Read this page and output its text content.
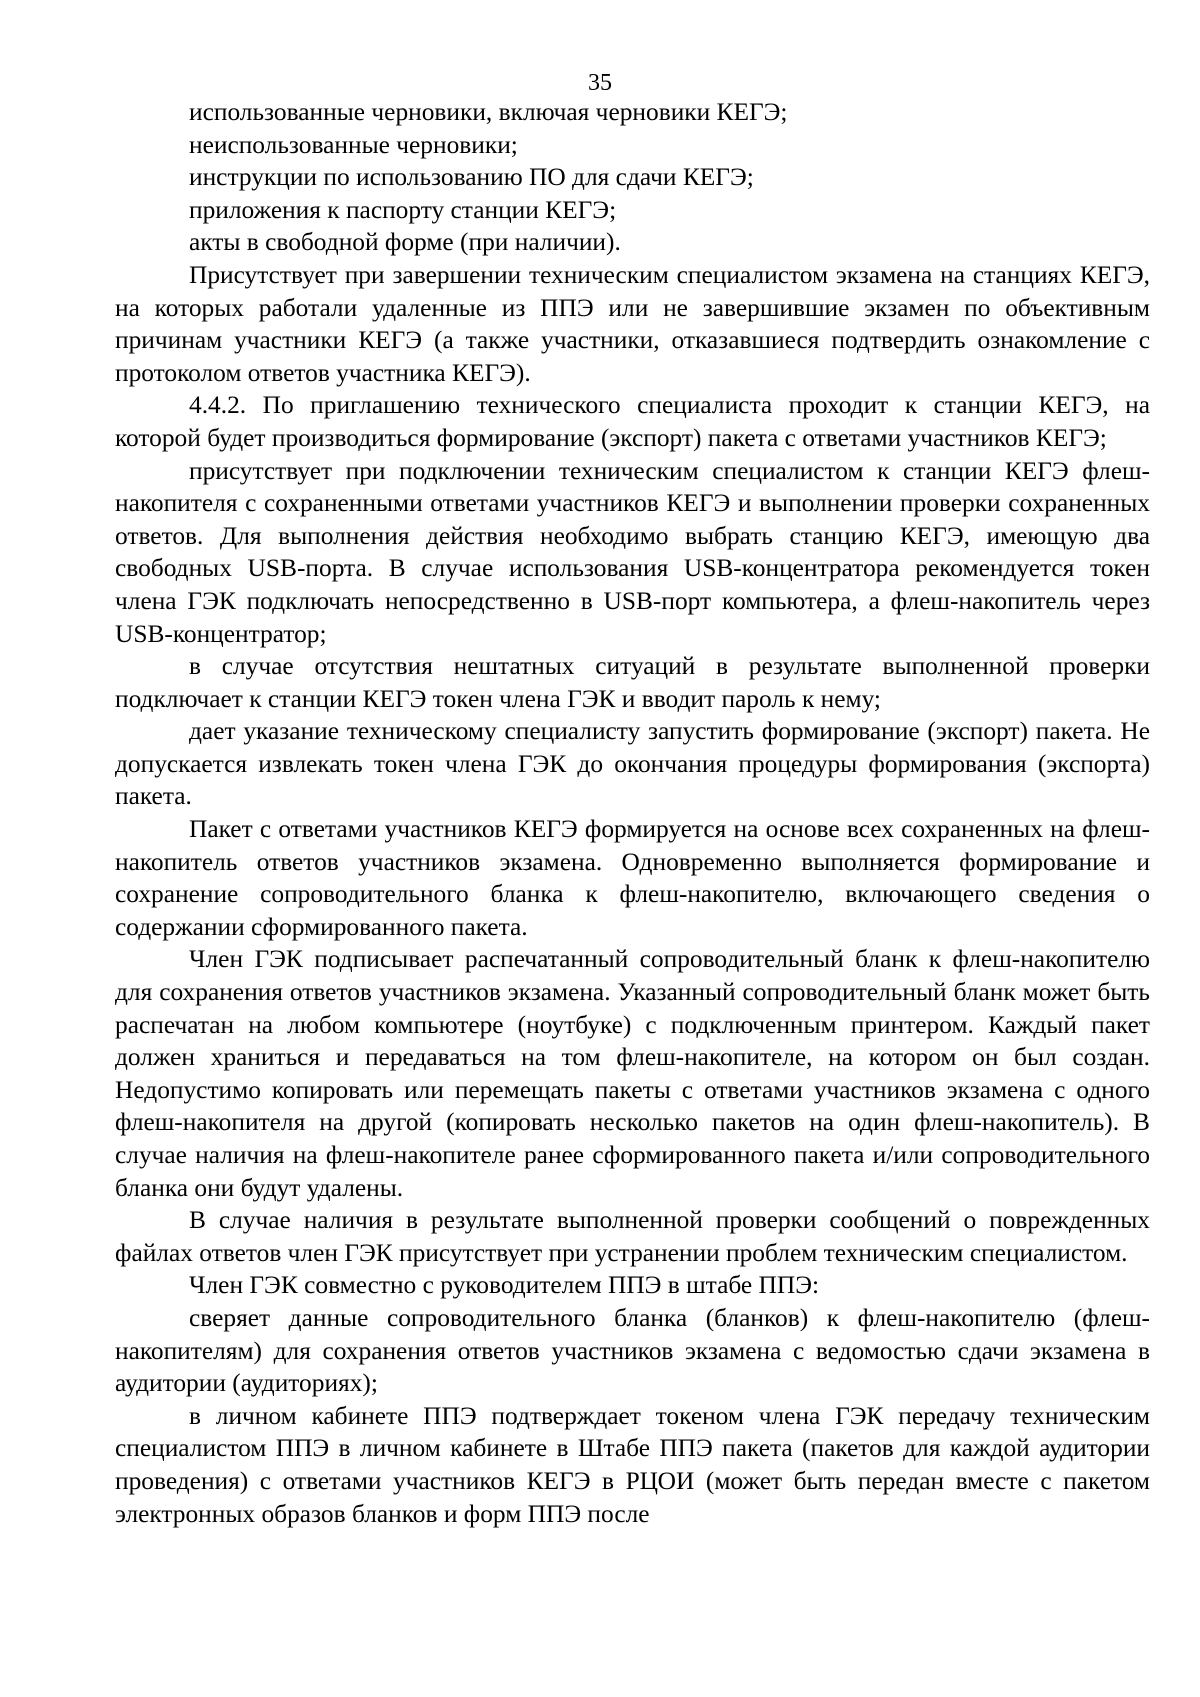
35

использованные черновики, включая черновики КЕГЭ;

неиспользованные черновики;

инструкции по использованию ПО для сдачи КЕГЭ;

приложения к паспорту станции КЕГЭ;

акты в свободной форме (при наличии).

Присутствует при завершении техническим специалистом экзамена на станциях КЕГЭ, на которых работали удаленные из ППЭ или не завершившие экзамен по объективным причинам участники КЕГЭ (а также участники, отказавшиеся подтвердить ознакомление с протоколом ответов участника КЕГЭ).

4.4.2. По приглашению технического специалиста проходит к станции КЕГЭ, на которой будет производиться формирование (экспорт) пакета с ответами участников КЕГЭ;

присутствует при подключении техническим специалистом к станции КЕГЭ флеш-накопителя с сохраненными ответами участников КЕГЭ и выполнении проверки сохраненных ответов. Для выполнения действия необходимо выбрать станцию КЕГЭ, имеющую два свободных USB-порта. В случае использования USB-концентратора рекомендуется токен члена ГЭК подключать непосредственно в USB-порт компьютера, а флеш-накопитель через USB-концентратор;

в случае отсутствия нештатных ситуаций в результате выполненной проверки подключает к станции КЕГЭ токен члена ГЭК и вводит пароль к нему;

дает указание техническому специалисту запустить формирование (экспорт) пакета. Не допускается извлекать токен члена ГЭК до окончания процедуры формирования (экспорта) пакета.

Пакет с ответами участников КЕГЭ формируется на основе всех сохраненных на флеш-накопитель ответов участников экзамена. Одновременно выполняется формирование и сохранение сопроводительного бланка к флеш-накопителю, включающего сведения о содержании сформированного пакета.

Член ГЭК подписывает распечатанный сопроводительный бланк к флеш-накопителю для сохранения ответов участников экзамена. Указанный сопроводительный бланк может быть распечатан на любом компьютере (ноутбуке) с подключенным принтером. Каждый пакет должен храниться и передаваться на том флеш-накопителе, на котором он был создан. Недопустимо копировать или перемещать пакеты с ответами участников экзамена с одного флеш-накопителя на другой (копировать несколько пакетов на один флеш-накопитель). В случае наличия на флеш-накопителе ранее сформированного пакета и/или сопроводительного бланка они будут удалены.

В случае наличия в результате выполненной проверки сообщений о поврежденных файлах ответов член ГЭК присутствует при устранении проблем техническим специалистом.

Член ГЭК совместно с руководителем ППЭ в штабе ППЭ:

сверяет данные сопроводительного бланка (бланков) к флеш-накопителю (флеш-накопителям) для сохранения ответов участников экзамена с ведомостью сдачи экзамена в аудитории (аудиториях);

в личном кабинете ППЭ подтверждает токеном члена ГЭК передачу техническим специалистом ППЭ в личном кабинете в Штабе ППЭ пакета (пакетов для каждой аудитории проведения) с ответами участников КЕГЭ в РЦОИ (может быть передан вместе с пакетом электронных образов бланков и форм ППЭ после
